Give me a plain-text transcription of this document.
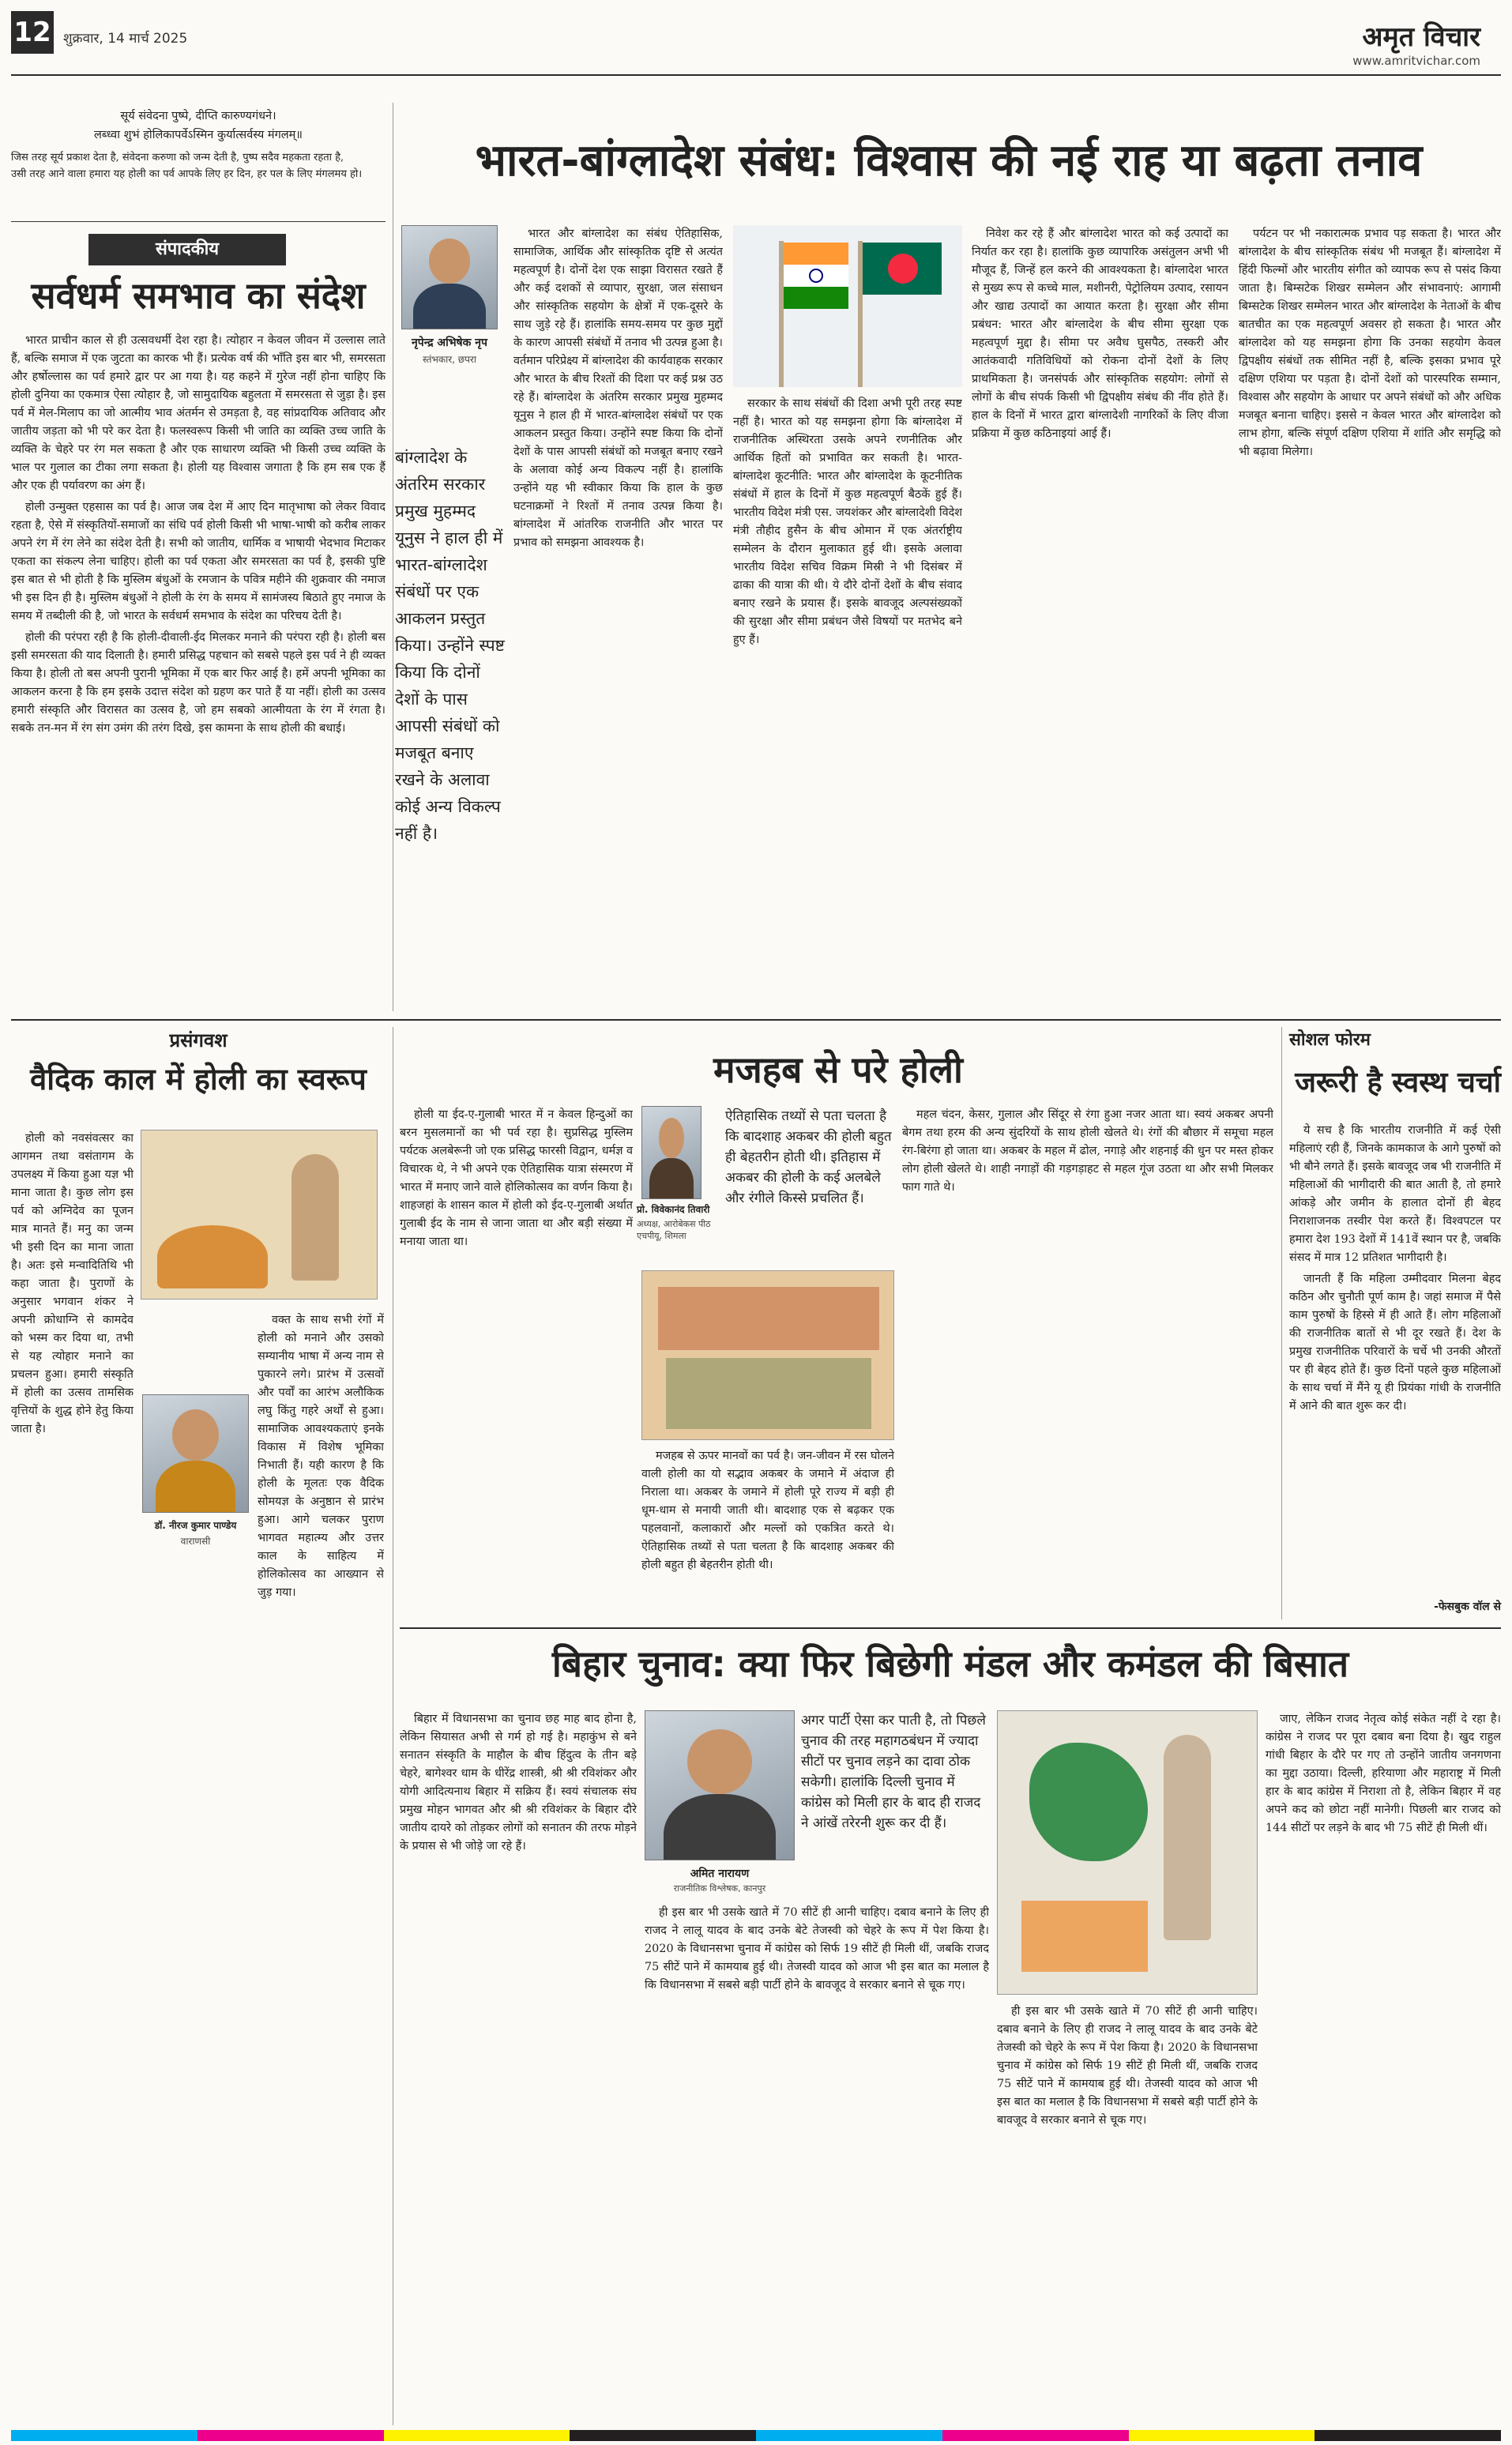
12 शुक्रवार, 14 मार्च 2025	अमृत विचार
www.amritvichar.com
सूर्य संवेदना पुष्पे, दीप्ति कारुण्यगंधने।
लब्ध्वा शुभं होलिकापर्वेऽस्मिन कुर्यात्सर्वस्य मंगलम्॥
जिस तरह सूर्य प्रकाश देता है, संवेदना करुणा को जन्म देती है, पुष्प सदैव महकता रहता है,
उसी तरह आने वाला हमारा यह होली का पर्व आपके लिए हर दिन, हर पल के लिए मंगलमय हो।
संपादकीय
सर्वधर्म समभाव का संदेश

भारत प्राचीन काल से ही उत्सवधर्मी देश रहा है। त्योहार न केवल जीवन में उल्लास लाते हैं, बल्कि समाज में एक जुटता का कारक भी हैं। प्रत्येक वर्ष की भाँति इस बार भी, समरसता और हर्षोल्लास का पर्व हमारे द्वार पर आ गया है। यह कहने में गुरेज नहीं होना चाहिए कि होली दुनिया का एकमात्र ऐसा त्योहार है, जो सामुदायिक बहुलता में समरसता से जुड़ा है। इस पर्व में मेल-मिलाप का जो आत्मीय भाव अंतर्मन से उमड़ता है, वह सांप्रदायिक अतिवाद और जातीय जड़ता को भी परे कर देता है। फलस्वरूप किसी भी जाति का व्यक्ति उच्च जाति के व्यक्ति के चेहरे पर रंग मल सकता है और एक साधारण व्यक्ति भी किसी उच्च व्यक्ति के भाल पर गुलाल का टीका लगा सकता है। होली यह विश्वास जगाता है कि हम सब एक हैं और एक ही पर्यावरण का अंग हैं।

होली उन्मुक्त एहसास का पर्व है। आज जब देश में आए दिन मातृभाषा को लेकर विवाद रहता है, ऐसे में संस्कृतियों-समाजों का संधि पर्व होली किसी भी भाषा-भाषी को करीब लाकर अपने रंग में रंग लेने का संदेश देती है। सभी को जातीय, धार्मिक व भाषायी भेदभाव मिटाकर एकता का संकल्प लेना चाहिए। होली का पर्व एकता और समरसता का पर्व है, इसकी पुष्टि इस बात से भी होती है कि मुस्लिम बंधुओं के रमजान के पवित्र महीने की शुक्रवार की नमाज भी इस दिन ही है। मुस्लिम बंधुओं ने होली के रंग के समय में सामंजस्य बिठाते हुए नमाज के समय में तब्दीली की है, जो भारत के सर्वधर्म समभाव के संदेश का परिचय देती है।

होली की परंपरा रही है कि होली-दीवाली-ईद मिलकर मनाने की परंपरा रही है। होली बस इसी समरसता की याद दिलाती है। हमारी प्रसिद्ध पहचान को सबसे पहले इस पर्व ने ही व्यक्त किया है। होली तो बस अपनी पुरानी भूमिका में एक बार फिर आई है। हमें अपनी भूमिका का आकलन करना है कि हम इसके उदात्त संदेश को ग्रहण कर पाते हैं या नहीं। होली का उत्सव हमारी संस्कृति और विरासत का उत्सव है, जो हम सबको आत्मीयता के रंग में रंगता है। सबके तन-मन में रंग संग उमंग की तरंग दिखे, इस कामना के साथ होली की बधाई।

भारत-बांग्लादेश संबंध: विश्वास की नई राह या बढ़ता तनाव
नृपेन्द्र अभिषेक नृप
स्तंभकार, छपरा
बांग्लादेश के अंतरिम सरकार प्रमुख मुहम्मद यूनुस ने हाल ही में भारत-बांग्लादेश संबंधों पर एक आकलन प्रस्तुत किया। उन्होंने स्पष्ट किया कि दोनों देशों के पास आपसी संबंधों को मजबूत बनाए रखने के अलावा कोई अन्य विकल्प नहीं है।

भारत और बांग्लादेश का संबंध ऐतिहासिक, सामाजिक, आर्थिक और सांस्कृतिक दृष्टि से अत्यंत महत्वपूर्ण है। दोनों देश एक साझा विरासत रखते हैं और कई दशकों से व्यापार, सुरक्षा, जल संसाधन और सांस्कृतिक सहयोग के क्षेत्रों में एक-दूसरे के साथ जुड़े रहे हैं। हालांकि समय-समय पर कुछ मुद्दों के कारण आपसी संबंधों में तनाव भी उत्पन्न हुआ है। वर्तमान परिप्रेक्ष्य में बांग्लादेश की कार्यवाहक सरकार और भारत के बीच रिश्तों की दिशा पर कई प्रश्न उठ रहे हैं। बांग्लादेश के अंतरिम सरकार प्रमुख मुहम्मद यूनुस ने हाल ही में भारत-बांग्लादेश संबंधों पर एक आकलन प्रस्तुत किया। उन्होंने स्पष्ट किया कि दोनों देशों के पास आपसी संबंधों को मजबूत बनाए रखने के अलावा कोई अन्य विकल्प नहीं है। हालांकि उन्होंने यह भी स्वीकार किया कि हाल के कुछ घटनाक्रमों ने रिश्तों में तनाव उत्पन्न किया है। बांग्लादेश में आंतरिक राजनीति और भारत पर प्रभाव को समझना आवश्यक है।

सरकार के साथ संबंधों की दिशा अभी पूरी तरह स्पष्ट नहीं है। भारत को यह समझना होगा कि बांग्लादेश में राजनीतिक अस्थिरता उसके अपने रणनीतिक और आर्थिक हितों को प्रभावित कर सकती है। भारत-बांग्लादेश कूटनीति: भारत और बांग्लादेश के कूटनीतिक संबंधों में हाल के दिनों में कुछ महत्वपूर्ण बैठकें हुई हैं। भारतीय विदेश मंत्री एस. जयशंकर और बांग्लादेशी विदेश मंत्री तौहीद हुसैन के बीच ओमान में एक अंतर्राष्ट्रीय सम्मेलन के दौरान मुलाकात हुई थी। इसके अलावा भारतीय विदेश सचिव विक्रम मिस्री ने भी दिसंबर में ढाका की यात्रा की थी। ये दौरे दोनों देशों के बीच संवाद बनाए रखने के प्रयास हैं। इसके बावजूद अल्पसंख्यकों की सुरक्षा और सीमा प्रबंधन जैसे विषयों पर मतभेद बने हुए हैं।

निवेश कर रहे हैं और बांग्लादेश भारत को कई उत्पादों का निर्यात कर रहा है। हालांकि कुछ व्यापारिक असंतुलन अभी भी मौजूद हैं, जिन्हें हल करने की आवश्यकता है। बांग्लादेश भारत से मुख्य रूप से कच्चे माल, मशीनरी, पेट्रोलियम उत्पाद, रसायन और खाद्य उत्पादों का आयात करता है। सुरक्षा और सीमा प्रबंधन: भारत और बांग्लादेश के बीच सीमा सुरक्षा एक महत्वपूर्ण मुद्दा है। सीमा पर अवैध घुसपैठ, तस्करी और आतंकवादी गतिविधियों को रोकना दोनों देशों के लिए प्राथमिकता है। जनसंपर्क और सांस्कृतिक सहयोग: लोगों से लोगों के बीच संपर्क किसी भी द्विपक्षीय संबंध की नींव होते हैं। हाल के दिनों में भारत द्वारा बांग्लादेशी नागरिकों के लिए वीजा प्रक्रिया में कुछ कठिनाइयां आई हैं।

पर्यटन पर भी नकारात्मक प्रभाव पड़ सकता है। भारत और बांग्लादेश के बीच सांस्कृतिक संबंध भी मजबूत हैं। बांग्लादेश में हिंदी फिल्मों और भारतीय संगीत को व्यापक रूप से पसंद किया जाता है। बिम्सटेक शिखर सम्मेलन और संभावनाएं: आगामी बिम्सटेक शिखर सम्मेलन भारत और बांग्लादेश के नेताओं के बीच बातचीत का एक महत्वपूर्ण अवसर हो सकता है। भारत और बांग्लादेश को यह समझना होगा कि उनका सहयोग केवल द्विपक्षीय संबंधों तक सीमित नहीं है, बल्कि इसका प्रभाव पूरे दक्षिण एशिया पर पड़ता है। दोनों देशों को पारस्परिक सम्मान, विश्वास और सहयोग के आधार पर अपने संबंधों को और अधिक मजबूत बनाना चाहिए। इससे न केवल भारत और बांग्लादेश को लाभ होगा, बल्कि संपूर्ण दक्षिण एशिया में शांति और समृद्धि को भी बढ़ावा मिलेगा।

प्रसंगवश
वैदिक काल में होली का स्वरूप

होली को नवसंवत्सर का आगमन तथा वसंतागम के उपलक्ष्य में किया हुआ यज्ञ भी माना जाता है। कुछ लोग इस पर्व को अग्निदेव का पूजन मात्र मानते हैं। मनु का जन्म भी इसी दिन का माना जाता है। अतः इसे मन्वादितिथि भी कहा जाता है। पुराणों के अनुसार भगवान शंकर ने अपनी क्रोधाग्नि से कामदेव को भस्म कर दिया था, तभी से यह त्योहार मनाने का प्रचलन हुआ। हमारी संस्कृति में होली का उत्सव तामसिक वृत्तियों के शुद्ध होने हेतु किया जाता है।

डॉ. नीरज कुमार पाण्डेय
वाराणसी

वक्त के साथ सभी रंगों में होली को मनाने और उसको सम्यानीय भाषा में अन्य नाम से पुकारने लगे। प्रारंभ में उत्सवों और पर्वों का आरंभ अलौकिक लघु किंतु गहरे अर्थों से हुआ। सामाजिक आवश्यकताएं इनके विकास में विशेष भूमिका निभाती हैं। यही कारण है कि होली के मूलतः एक वैदिक सोमयज्ञ के अनुष्ठान से प्रारंभ हुआ। आगे चलकर पुराण भागवत महात्म्य और उत्तर काल के साहित्य में होलिकोत्सव का आख्यान से जुड़ गया।

मजहब से परे होली

होली या ईद-ए-गुलाबी भारत में न केवल हिन्दुओं का बरन मुसलमानों का भी पर्व रहा है। सुप्रसिद्ध मुस्लिम पर्यटक अलबेरूनी जो एक प्रसिद्ध फारसी विद्वान, धर्मज्ञ व विचारक थे, ने भी अपने एक ऐतिहासिक यात्रा संस्मरण में भारत में मनाए जाने वाले होलिकोत्सव का वर्णन किया है। शाहजहां के शासन काल में होली को ईद-ए-गुलाबी अर्थात गुलाबी ईद के नाम से जाना जाता था और बड़ी संख्या में मनाया जाता था।

प्रो. विवेकानंद तिवारी
अध्यक्ष, आरोबेकस पीठ एचपीयू, शिमला
ऐतिहासिक तथ्यों से पता चलता है कि बादशाह अकबर की होली बहुत ही बेहतरीन होती थी। इतिहास में अकबर की होली के कई अलबेले और रंगीले किस्से प्रचलित हैं।

मजहब से ऊपर मानवों का पर्व है। जन-जीवन में रस घोलने वाली होली का यो सद्भाव अकबर के जमाने में अंदाज ही निराला था। अकबर के जमाने में होली पूरे राज्य में बड़ी ही धूम-धाम से मनायी जाती थी। बादशाह एक से बढ़कर एक पहलवानों, कलाकारों और मल्लों को एकत्रित करते थे। ऐतिहासिक तथ्यों से पता चलता है कि बादशाह अकबर की होली बहुत ही बेहतरीन होती थी।

महल चंदन, केसर, गुलाल और सिंदूर से रंगा हुआ नजर आता था। स्वयं अकबर अपनी बेगम तथा हरम की अन्य सुंदरियों के साथ होली खेलते थे। रंगों की बौछार में समूचा महल रंग-बिरंगा हो जाता था। अकबर के महल में ढोल, नगाड़े और शहनाई की धुन पर मस्त होकर लोग होली खेलते थे। शाही नगाड़ों की गड़गड़ाहट से महल गूंज उठता था और सभी मिलकर फाग गाते थे।

सोशल फोरम
जरूरी है स्वस्थ चर्चा

ये सच है कि भारतीय राजनीति में कई ऐसी महिलाएं रही हैं, जिनके कामकाज के आगे पुरुषों को भी बौने लगते हैं। इसके बावजूद जब भी राजनीति में महिलाओं की भागीदारी की बात आती है, तो हमारे आंकड़े और जमीन के हालात दोनों ही बेहद निराशाजनक तस्वीर पेश करते हैं। विश्वपटल पर हमारा देश 193 देशों में 141वें स्थान पर है, जबकि संसद में मात्र 12 प्रतिशत भागीदारी है।

जानती हैं कि महिला उम्मीदवार मिलना बेहद कठिन और चुनौती पूर्ण काम है। जहां समाज में पैसे काम पुरुषों के हिस्से में ही आते हैं। लोग महिलाओं की राजनीतिक बातों से भी दूर रखते हैं। देश के प्रमुख राजनीतिक परिवारों के चर्चे भी उनकी औरतों पर ही बेहद होते हैं। कुछ दिनों पहले कुछ महिलाओं के साथ चर्चा में मैंने यू ही प्रियंका गांधी के राजनीति में आने की बात शुरू कर दी।

-फेसबुक वॉल से
बिहार चुनाव: क्या फिर बिछेगी मंडल और कमंडल की बिसात

बिहार में विधानसभा का चुनाव छह माह बाद होना है, लेकिन सियासत अभी से गर्म हो गई है। महाकुंभ से बने सनातन संस्कृति के माहौल के बीच हिंदुत्व के तीन बड़े चेहरे, बागेश्वर धाम के धीरेंद्र शास्त्री, श्री श्री रविशंकर और योगी आदित्यनाथ बिहार में सक्रिय हैं। स्वयं संचालक संघ प्रमुख मोहन भागवत और श्री श्री रविशंकर के बिहार दौरे जातीय दायरे को तोड़कर लोगों को सनातन की तरफ मोड़ने के प्रयास से भी जोड़े जा रहे हैं।

अमित नारायण
राजनीतिक विश्लेषक, कानपुर
अगर पार्टी ऐसा कर पाती है, तो पिछले चुनाव की तरह महागठबंधन में ज्यादा सीटों पर चुनाव लड़ने का दावा ठोक सकेगी। हालांकि दिल्ली चुनाव में कांग्रेस को मिली हार के बाद ही राजद ने आंखें तरेरनी शुरू कर दी हैं।

ही इस बार भी उसके खाते में 70 सीटें ही आनी चाहिए। दबाव बनाने के लिए ही राजद ने लालू यादव के बाद उनके बेटे तेजस्वी को चेहरे के रूप में पेश किया है। 2020 के विधानसभा चुनाव में कांग्रेस को सिर्फ 19 सीटें ही मिली थीं, जबकि राजद 75 सीटें पाने में कामयाब हुई थी। तेजस्वी यादव को आज भी इस बात का मलाल है कि विधानसभा में सबसे बड़ी पार्टी होने के बावजूद वे सरकार बनाने से चूक गए।

ही इस बार भी उसके खाते में 70 सीटें ही आनी चाहिए। दबाव बनाने के लिए ही राजद ने लालू यादव के बाद उनके बेटे तेजस्वी को चेहरे के रूप में पेश किया है। 2020 के विधानसभा चुनाव में कांग्रेस को सिर्फ 19 सीटें ही मिली थीं, जबकि राजद 75 सीटें पाने में कामयाब हुई थी। तेजस्वी यादव को आज भी इस बात का मलाल है कि विधानसभा में सबसे बड़ी पार्टी होने के बावजूद वे सरकार बनाने से चूक गए।

जाए, लेकिन राजद नेतृत्व कोई संकेत नहीं दे रहा है। कांग्रेस ने राजद पर पूरा दबाव बना दिया है। खुद राहुल गांधी बिहार के दौरे पर गए तो उन्होंने जातीय जनगणना का मुद्दा उठाया। दिल्ली, हरियाणा और महाराष्ट्र में मिली हार के बाद कांग्रेस में निराशा तो है, लेकिन बिहार में वह अपने कद को छोटा नहीं मानेगी। पिछली बार राजद को 144 सीटों पर लड़ने के बाद भी 75 सीटें ही मिली थीं।
